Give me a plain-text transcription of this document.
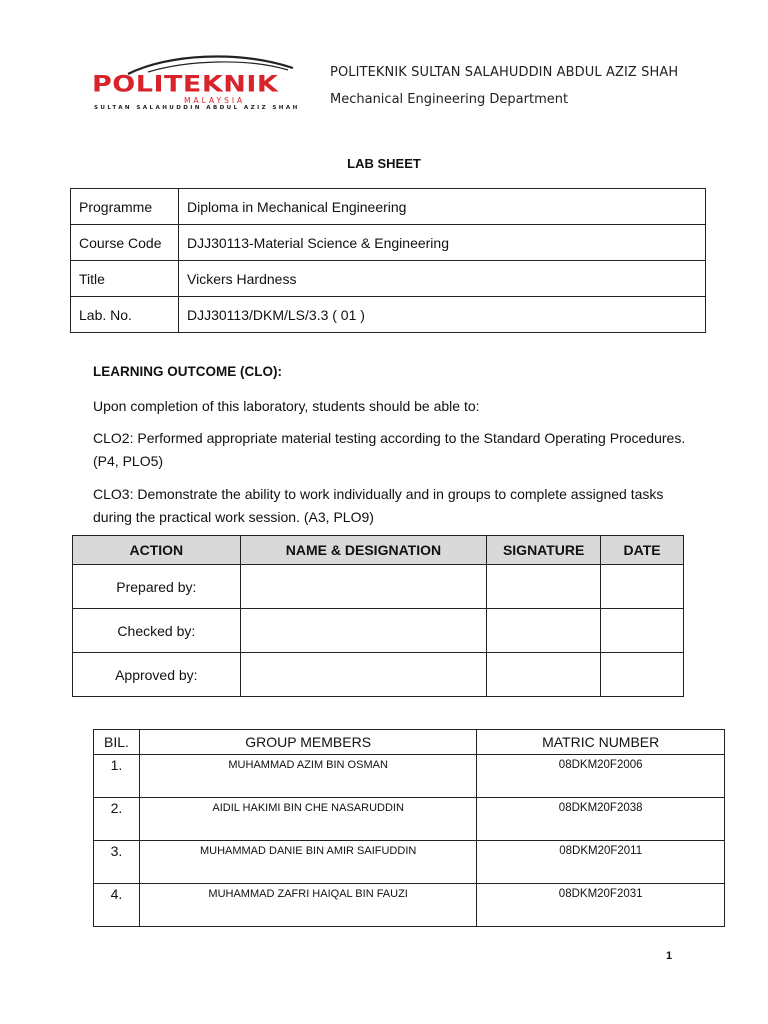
POLITEKNIK
MALAYSIA
SULTAN SALAHUDDIN ABDUL AZIZ SHAH
POLITEKNIK SULTAN SALAHUDDIN ABDUL AZIZ SHAH
Mechanical Engineering Department
LAB SHEET
Programme	Diploma in Mechanical Engineering
Course Code	DJJ30113-Material Science & Engineering
Title	Vickers Hardness
Lab. No.	DJJ30113/DKM/LS/3.3 ( 01 )
LEARNING OUTCOME (CLO):
Upon completion of this laboratory, students should be able to:
CLO2: Performed appropriate material testing according to the Standard Operating Procedures. (P4, PLO5)
CLO3: Demonstrate the ability to work individually and in groups to complete assigned tasks during the practical work session. (A3, PLO9)
ACTION	NAME & DESIGNATION	SIGNATURE	DATE
Prepared by:			
Checked by:			
Approved by:			
BIL.	GROUP MEMBERS	MATRIC NUMBER
1.	MUHAMMAD AZIM BIN OSMAN	08DKM20F2006
2.	AIDIL HAKIMI BIN CHE NASARUDDIN	08DKM20F2038
3.	MUHAMMAD DANIE BIN AMIR SAIFUDDIN	08DKM20F2011
4.	MUHAMMAD ZAFRI HAIQAL BIN FAUZI	08DKM20F2031
1
